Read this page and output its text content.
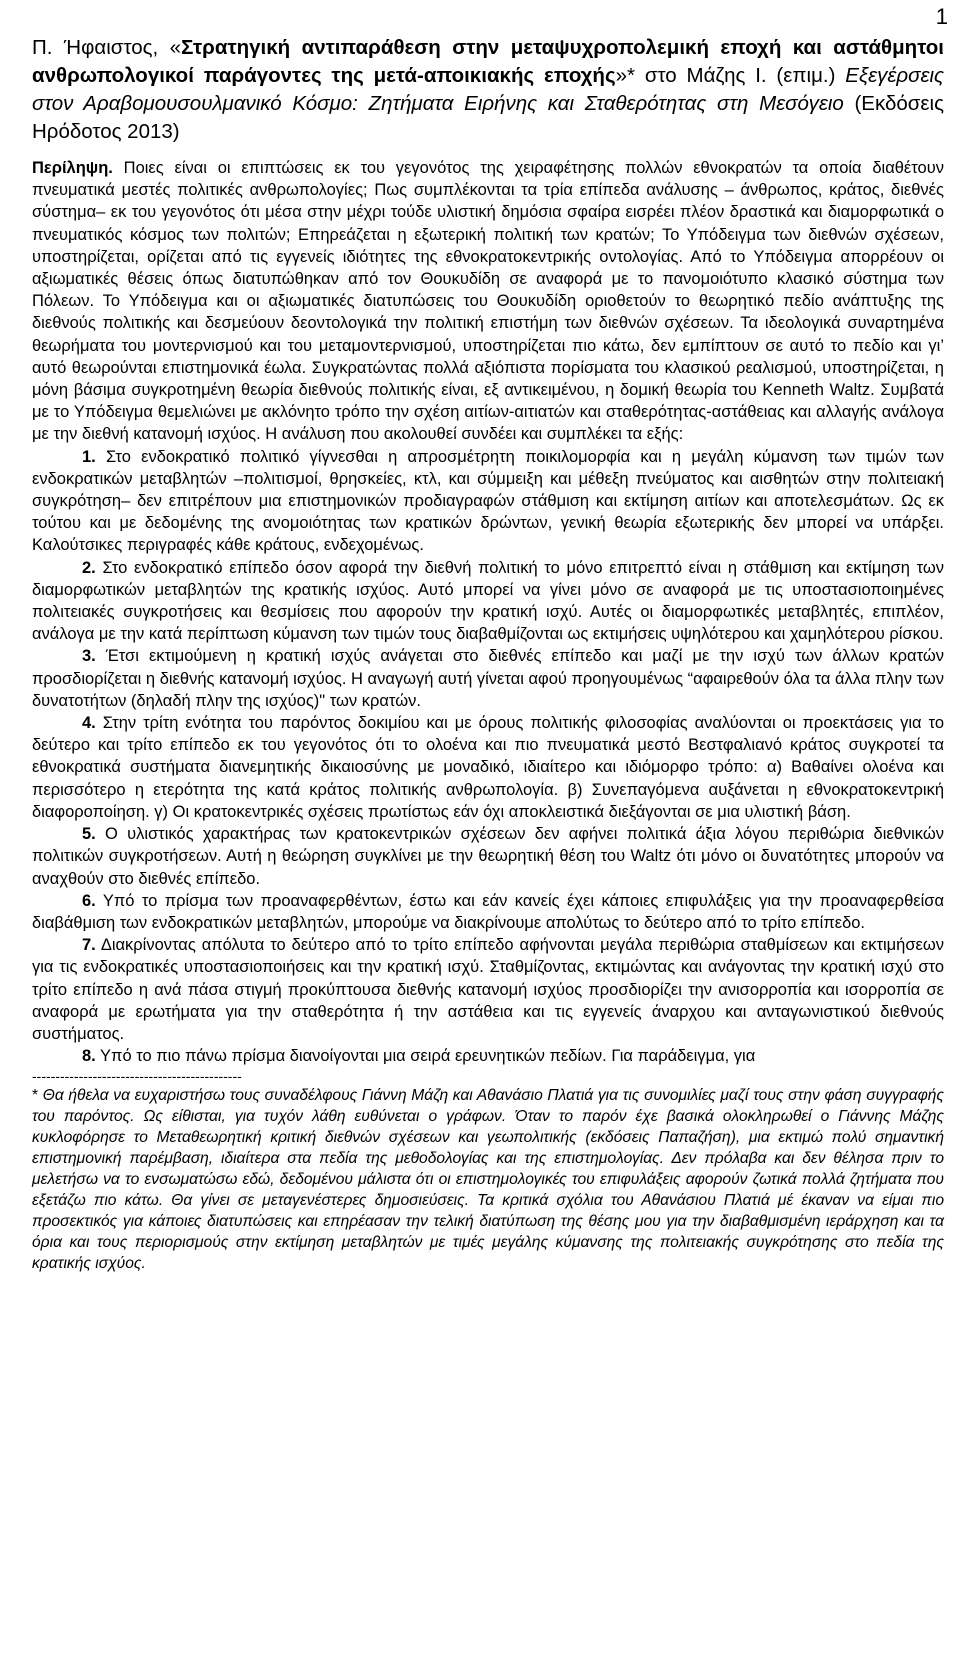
1

Π. Ήφαιστος, «Στρατηγική αντιπαράθεση στην μεταψυχροπολεμική εποχή και αστάθμητοι ανθρωπολογικοί παράγοντες της μετά-αποικιακής εποχής»* στο Μάζης Ι. (επιμ.) Εξεγέρσεις στον Αραβομουσουλμανικό Κόσμο: Ζητήματα Ειρήνης και Σταθερότητας στη Μεσόγειο (Εκδόσεις Ηρόδοτος 2013)

Περίληψη. Ποιες είναι οι επιπτώσεις εκ του γεγονότος της χειραφέτησης πολλών εθνοκρατών τα οποία διαθέτουν πνευματικά μεστές πολιτικές ανθρωπολογίες; Πως συμπλέκονται τα τρία επίπεδα ανάλυσης – άνθρωπος, κράτος, διεθνές σύστημα– εκ του γεγονότος ότι μέσα στην μέχρι τούδε υλιστική δημόσια σφαίρα εισρέει πλέον δραστικά και διαμορφωτικά ο πνευματικός κόσμος των πολιτών; Επηρεάζεται η εξωτερική πολιτική των κρατών; Το Υπόδειγμα των διεθνών σχέσεων, υποστηρίζεται, ορίζεται από τις εγγενείς ιδιότητες της εθνοκρατοκεντρικής οντολογίας. Από το Υπόδειγμα απορρέουν οι αξιωματικές θέσεις όπως διατυπώθηκαν από τον Θουκυδίδη σε αναφορά με το πανομοιότυπο κλασικό σύστημα των Πόλεων. Το Υπόδειγμα και οι αξιωματικές διατυπώσεις του Θουκυδίδη οριοθετούν το θεωρητικό πεδίο ανάπτυξης της διεθνούς πολιτικής και δεσμεύουν δεοντολογικά την πολιτική επιστήμη των διεθνών σχέσεων. Τα ιδεολογικά συναρτημένα θεωρήματα του μοντερνισμού και του μεταμοντερνισμού, υποστηρίζεται πιο κάτω, δεν εμπίπτουν σε αυτό το πεδίο και γι’ αυτό θεωρούνται επιστημονικά έωλα. Συγκρατώντας πολλά αξιόπιστα πορίσματα του κλασικού ρεαλισμού, υποστηρίζεται, η μόνη βάσιμα συγκροτημένη θεωρία διεθνούς πολιτικής είναι, εξ αντικειμένου, η δομική θεωρία του Kenneth Waltz. Συμβατά με το Υπόδειγμα θεμελιώνει με ακλόνητο τρόπο την σχέση αιτίων-αιτιατών και σταθερότητας-αστάθειας και αλλαγής ανάλογα με την διεθνή κατανομή ισχύος. Η ανάλυση που ακολουθεί συνδέει και συμπλέκει τα εξής:

1. Στο ενδοκρατικό πολιτικό γίγνεσθαι η απροσμέτρητη ποικιλομορφία και η μεγάλη κύμανση των τιμών των ενδοκρατικών μεταβλητών –πολιτισμοί, θρησκείες, κτλ, και σύμμειξη και μέθεξη πνεύματος και αισθητών στην πολιτειακή συγκρότηση– δεν επιτρέπουν μια επιστημονικών προδιαγραφών στάθμιση και εκτίμηση αιτίων και αποτελεσμάτων. Ως εκ τούτου και με δεδομένης της ανομοιότητας των κρατικών δρώντων, γενική θεωρία εξωτερικής δεν μπορεί να υπάρξει. Καλούτσικες περιγραφές κάθε κράτους, ενδεχομένως.

2. Στο ενδοκρατικό επίπεδο όσον αφορά την διεθνή πολιτική το μόνο επιτρεπτό είναι η στάθμιση και εκτίμηση των διαμορφωτικών μεταβλητών της κρατικής ισχύος. Αυτό μπορεί να γίνει μόνο σε αναφορά με τις υποστασιοποιημένες πολιτειακές συγκροτήσεις και θεσμίσεις που αφορούν την κρατική ισχύ. Αυτές οι διαμορφωτικές μεταβλητές, επιπλέον, ανάλογα με την κατά περίπτωση κύμανση των τιμών τους διαβαθμίζονται ως εκτιμήσεις υψηλότερου και χαμηλότερου ρίσκου.

3. Έτσι εκτιμούμενη η κρατική ισχύς ανάγεται στο διεθνές επίπεδο και μαζί με την ισχύ των άλλων κρατών προσδιορίζεται η διεθνής κατανομή ισχύος. Η αναγωγή αυτή γίνεται αφού προηγουμένως “αφαιρεθούν όλα τα άλλα πλην των δυνατοτήτων (δηλαδή πλην της ισχύος)" των κρατών.

4. Στην τρίτη ενότητα του παρόντος δοκιμίου και με όρους πολιτικής φιλοσοφίας αναλύονται οι προεκτάσεις για το δεύτερο και τρίτο επίπεδο εκ του γεγονότος ότι το ολοένα και πιο πνευματικά μεστό Βεστφαλιανό κράτος συγκροτεί τα εθνοκρατικά συστήματα διανεμητικής δικαιοσύνης με μοναδικό, ιδιαίτερο και ιδιόμορφο τρόπο: α) Βαθαίνει ολοένα και περισσότερο η ετερότητα της κατά κράτος πολιτικής ανθρωπολογία. β) Συνεπαγόμενα αυξάνεται η εθνοκρατοκεντρική διαφοροποίηση. γ) Οι κρατοκεντρικές σχέσεις πρωτίστως εάν όχι αποκλειστικά διεξάγονται σε μια υλιστική βάση.

5. Ο υλιστικός χαρακτήρας των κρατοκεντρικών σχέσεων δεν αφήνει πολιτικά άξια λόγου περιθώρια διεθνικών πολιτικών συγκροτήσεων. Αυτή η θεώρηση συγκλίνει με την θεωρητική θέση του Waltz ότι μόνο οι δυνατότητες μπορούν να αναχθούν στο διεθνές επίπεδο.

6. Υπό το πρίσμα των προαναφερθέντων, έστω και εάν κανείς έχει κάποιες επιφυλάξεις για την προαναφερθείσα διαβάθμιση των ενδοκρατικών μεταβλητών, μπορούμε να διακρίνουμε απολύτως το δεύτερο από το τρίτο επίπεδο.

7. Διακρίνοντας απόλυτα το δεύτερο από το τρίτο επίπεδο αφήνονται μεγάλα περιθώρια σταθμίσεων και εκτιμήσεων για τις ενδοκρατικές υποστασιοποιήσεις και την κρατική ισχύ. Σταθμίζοντας, εκτιμώντας και ανάγοντας την κρατική ισχύ στο τρίτο επίπεδο η ανά πάσα στιγμή προκύπτουσα διεθνής κατανομή ισχύος προσδιορίζει την ανισορροπία και ισορροπία σε αναφορά με ερωτήματα για την σταθερότητα ή την αστάθεια και τις εγγενείς άναρχου και ανταγωνιστικού διεθνούς συστήματος.

8. Υπό το πιο πάνω πρίσμα διανοίγονται μια σειρά ερευνητικών πεδίων. Για παράδειγμα, για

---------------------------------------------

* Θα ήθελα να ευχαριστήσω τους συναδέλφους Γιάννη Μάζη και Αθανάσιο Πλατιά για τις συνομιλίες μαζί τους στην φάση συγγραφής του παρόντος. Ως είθισται, για τυχόν λάθη ευθύνεται ο γράφων. Όταν το παρόν έχε βασικά ολοκληρωθεί ο Γιάννης Μάζης κυκλοφόρησε το Μεταθεωρητική κριτική διεθνών σχέσεων και γεωπολιτικής (εκδόσεις Παπαζήση), μια εκτιμώ πολύ σημαντική επιστημονική παρέμβαση, ιδιαίτερα στα πεδία της μεθοδολογίας και της επιστημολογίας. Δεν πρόλαβα και δεν θέλησα πριν το μελετήσω να το ενσωματώσω εδώ, δεδομένου μάλιστα ότι οι επιστημολογικές του επιφυλάξεις αφορούν ζωτικά πολλά ζητήματα που εξετάζω πιο κάτω. Θα γίνει σε μεταγενέστερες δημοσιεύσεις. Τα κριτικά σχόλια του Αθανάσιου Πλατιά μέ έκαναν να είμαι πιο προσεκτικός για κάποιες διατυπώσεις και επηρέασαν την τελική διατύπωση της θέσης μου για την διαβαθμισμένη ιεράρχηση και τα όρια και τους περιορισμούς στην εκτίμηση μεταβλητών με τιμές μεγάλης κύμανσης της πολιτειακής συγκρότησης στο πεδία της κρατικής ισχύος.
